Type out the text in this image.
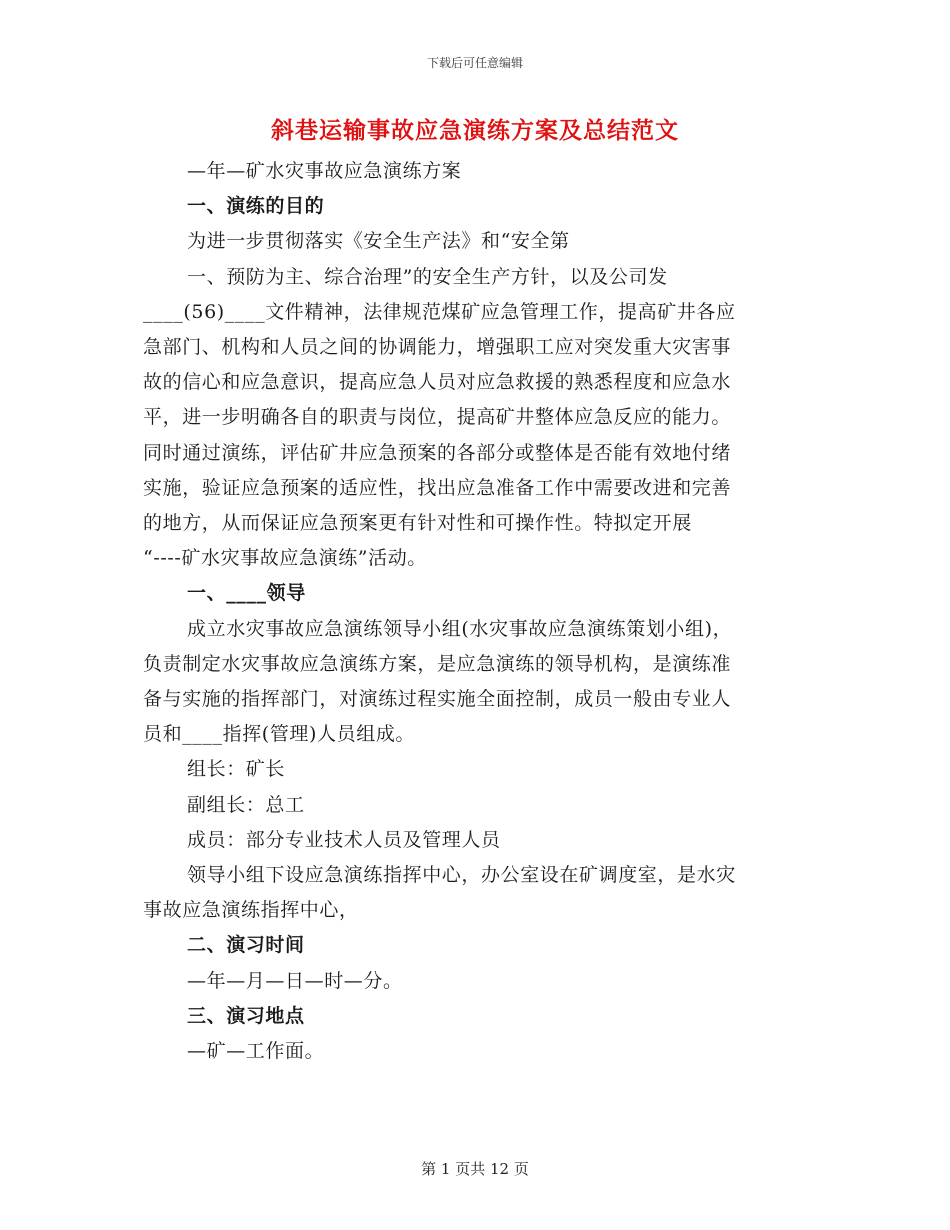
下载后可任意编辑
斜巷运输事故应急演练方案及总结范文
—年—矿水灾事故应急演练方案
一、演练的目的
为进一步贯彻落实《安全生产法》和“安全第
一、预防为主、综合治理”的安全生产方针，以及公司发
____(56)____文件精神，法律规范煤矿应急管理工作，提高矿井各应
急部门、机构和人员之间的协调能力，增强职工应对突发重大灾害事
故的信心和应急意识，提高应急人员对应急救援的熟悉程度和应急水
平，进一步明确各自的职责与岗位，提高矿井整体应急反应的能力。
同时通过演练，评估矿井应急预案的各部分或整体是否能有效地付绪
实施，验证应急预案的适应性，找出应急准备工作中需要改进和完善
的地方，从而保证应急预案更有针对性和可操作性。特拟定开展
“----矿水灾事故应急演练”活动。
一、____领导
成立水灾事故应急演练领导小组(水灾事故应急演练策划小组)，
负责制定水灾事故应急演练方案，是应急演练的领导机构，是演练准
备与实施的指挥部门，对演练过程实施全面控制，成员一般由专业人
员和____指挥(管理)人员组成。
组长：矿长
副组长：总工
成员：部分专业技术人员及管理人员
领导小组下设应急演练指挥中心，办公室设在矿调度室，是水灾
事故应急演练指挥中心，
二、演习时间
—年—月—日—时—分。
三、演习地点
—矿—工作面。
第 1 页共 12 页
